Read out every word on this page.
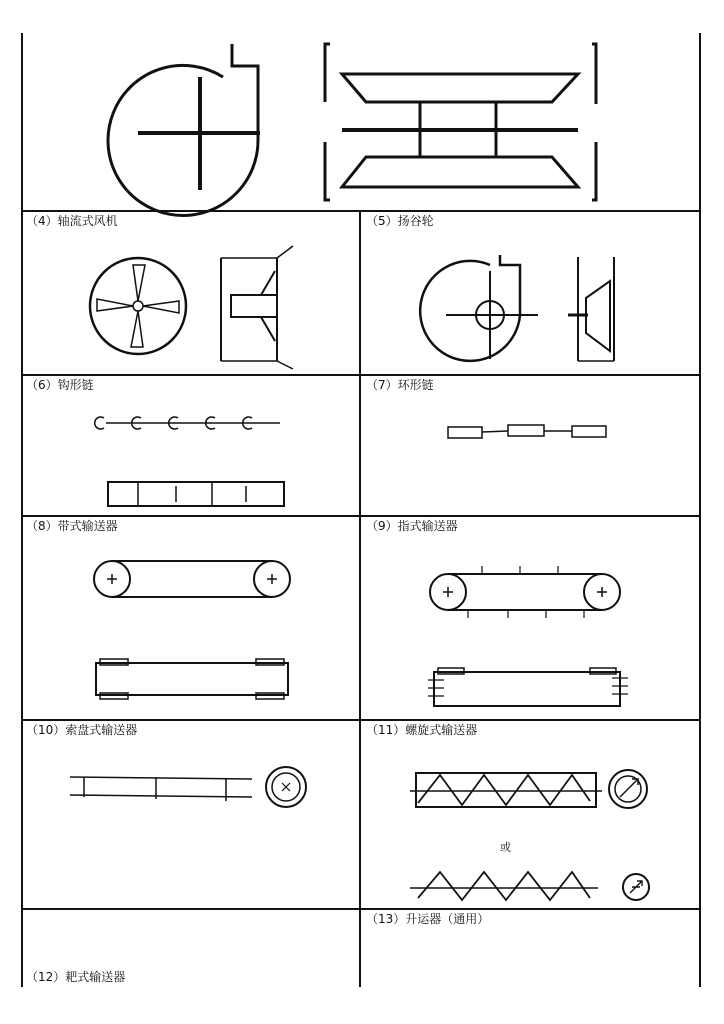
（4）轴流式风机	（5）扬谷轮
（6）钩形链	（7）环形链
（8）带式输送器	（9）指式输送器
（10）索盘式输送器	（11）螺旋式输送器
或
（13）升运器（通用）
（12）耙式输送器
